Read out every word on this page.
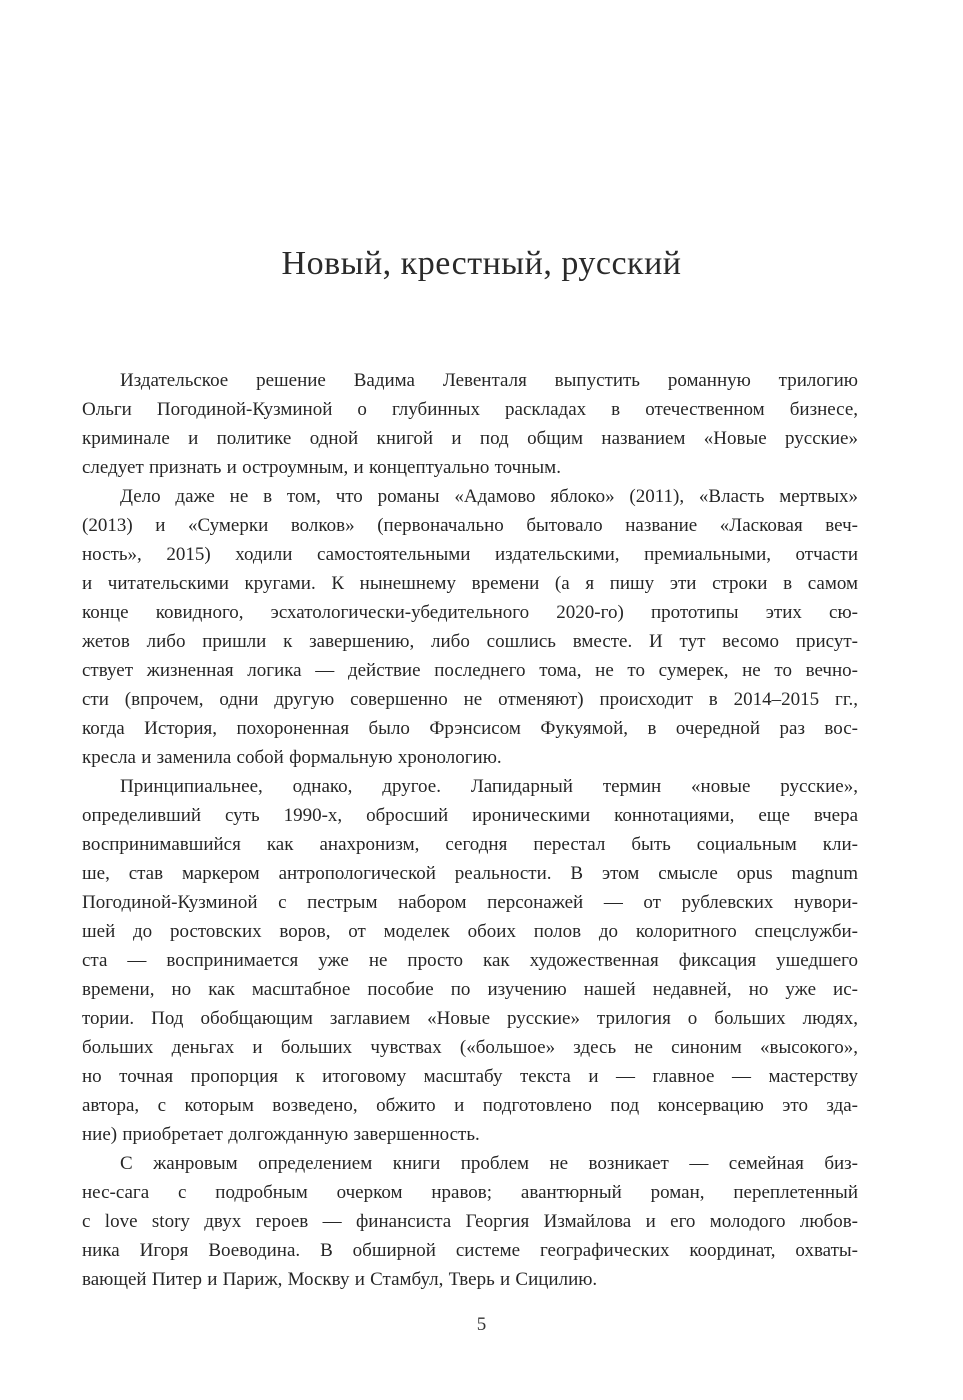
Новый, крестный, русский
Издательское решение Вадима Левенталя выпустить романную трилогию
Ольги Погодиной-Кузминой о глубинных раскладах в отечественном бизнесе,
криминале и политике одной книгой и под общим названием «Новые русские»
следует признать и остроумным, и концептуально точным.
Дело даже не в том, что романы «Адамово яблоко» (2011), «Власть мертвых»
(2013) и «Сумерки волков» (первоначально бытовало название «Ласковая веч-
ность», 2015) ходили самостоятельными издательскими, премиальными, отчасти
и читательскими кругами. К нынешнему времени (а я пишу эти строки в самом
конце ковидного, эсхатологически-убедительного 2020-го) прототипы этих сю-
жетов либо пришли к завершению, либо сошлись вместе. И тут весомо присут-
ствует жизненная логика — действие последнего тома, не то сумерек, не то вечно-
сти (впрочем, одни другую совершенно не отменяют) происходит в 2014–2015 гг.,
когда История, похороненная было Фрэнсисом Фукуямой, в очередной раз вос-
кресла и заменила собой формальную хронологию.
Принципиальнее, однако, другое. Лапидарный термин «новые русские»,
определивший суть 1990-х, обросший ироническими коннотациями, еще вчера
воспринимавшийся как анахронизм, сегодня перестал быть социальным кли-
ше, став маркером антропологической реальности. В этом смысле opus magnum
Погодиной-Кузминой с пестрым набором персонажей — от рублевских нувори-
шей до ростовских воров, от моделек обоих полов до колоритного спецслужби-
ста — воспринимается уже не просто как художественная фиксация ушедшего
времени, но как масштабное пособие по изучению нашей недавней, но уже ис-
тории. Под обобщающим заглавием «Новые русские» трилогия о больших людях,
больших деньгах и больших чувствах («большое» здесь не синоним «высокого»,
но точная пропорция к итоговому масштабу текста и — главное — мастерству
автора, с которым возведено, обжито и подготовлено под консервацию это зда-
ние) приобретает долгожданную завершенность.
С жанровым определением книги проблем не возникает — семейная биз-
нес-сага с подробным очерком нравов; авантюрный роман, переплетенный
с love story двух героев — финансиста Георгия Измайлова и его молодого любов-
ника Игоря Воеводина. В обширной системе географических координат, охваты-
вающей Питер и Париж, Москву и Стамбул, Тверь и Сицилию.
5
